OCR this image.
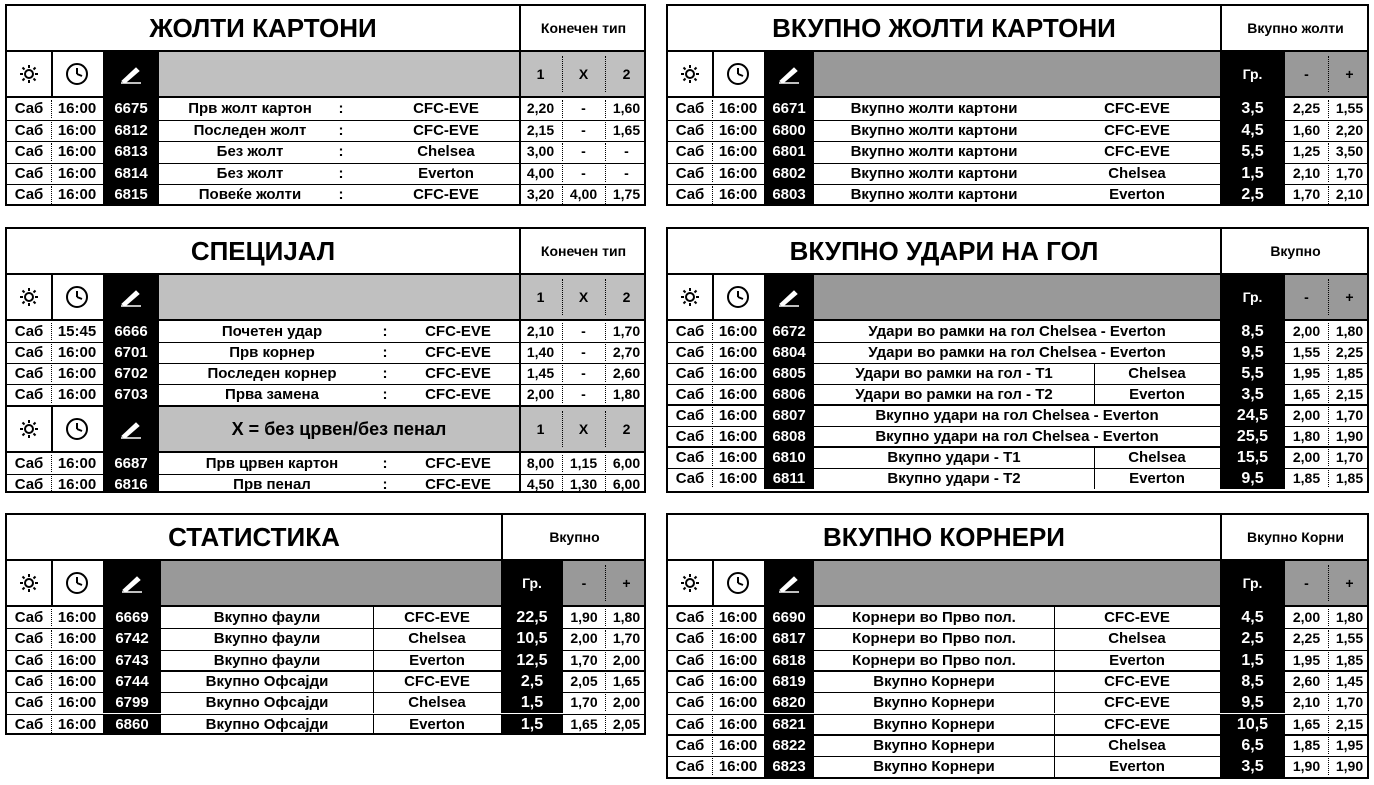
ЖОЛТИ КАРТОНИ	Конечен тип
1	X	2
Саб 16:00	6675	Прв жолт картон	:	CFC-EVE	2,20	-	1,60
Саб 16:00	6812	Последен жолт	:	CFC-EVE	2,15	-	1,65
Саб 16:00	6813	Без жолт	:	Chelsea	3,00	-	-
Саб 16:00	6814	Без жолт	:	Everton	4,00	-	-
Саб 16:00	6815	Повеќе жолти	:	CFC-EVE	3,20	4,00	1,75
ВКУПНО ЖОЛТИ КАРТОНИ	Вкупно жолти
Гр.	-	+
Саб 16:00	6671	Вкупно жолти картони	CFC-EVE	3,5	2,25	1,55
Саб 16:00	6800	Вкупно жолти картони	CFC-EVE	4,5	1,60	2,20
Саб 16:00	6801	Вкупно жолти картони	CFC-EVE	5,5	1,25	3,50
Саб 16:00	6802	Вкупно жолти картони	Chelsea	1,5	2,10	1,70
Саб 16:00	6803	Вкупно жолти картони	Everton	2,5	1,70	2,10
СПЕЦИЈАЛ	Конечен тип
1	X	2
Саб 15:45	6666	Почетен удар	:	CFC-EVE	2,10	-	1,70
Саб 16:00	6701	Прв корнер	:	CFC-EVE	1,40	-	2,70
Саб 16:00	6702	Последен корнер	:	CFC-EVE	1,45	-	2,60
Саб 16:00	6703	Прва замена	:	CFC-EVE	2,00	-	1,80
X = без црвен/без пенал	1	X	2
Саб 16:00	6687	Прв црвен картон	:	CFC-EVE	8,00	1,15	6,00
Саб 16:00	6816	Прв пенал	:	CFC-EVE	4,50	1,30	6,00
ВКУПНО УДАРИ НА ГОЛ	Вкупно
Гр.	-	+
Саб 16:00	6672	Удари во рамки на гол Chelsea - Everton	8,5	2,00	1,80
Саб 16:00	6804	Удари во рамки на гол Chelsea - Everton	9,5	1,55	2,25
Саб 16:00	6805	Удари во рамки на гол - Т1	Chelsea	5,5	1,95	1,85
Саб 16:00	6806	Удари во рамки на гол - Т2	Everton	3,5	1,65	2,15
Саб 16:00	6807	Вкупно удари на гол Chelsea - Everton	24,5	2,00	1,70
Саб 16:00	6808	Вкупно удари на гол Chelsea - Everton	25,5	1,80	1,90
Саб 16:00	6810	Вкупно удари - Т1	Chelsea	15,5	2,00	1,70
Саб 16:00	6811	Вкупно удари - Т2	Everton	9,5	1,85	1,85
СТАТИСТИКА	Вкупно
Гр.	-	+
Саб 16:00	6669	Вкупно фаули	CFC-EVE	22,5	1,90	1,80
Саб 16:00	6742	Вкупно фаули	Chelsea	10,5	2,00	1,70
Саб 16:00	6743	Вкупно фаули	Everton	12,5	1,70	2,00
Саб 16:00	6744	Вкупно Офсајди	CFC-EVE	2,5	2,05	1,65
Саб 16:00	6799	Вкупно Офсајди	Chelsea	1,5	1,70	2,00
Саб 16:00	6860	Вкупно Офсајди	Everton	1,5	1,65	2,05
ВКУПНО КОРНЕРИ	Вкупно Корни
Гр.	-	+
Саб 16:00	6690	Корнери во Прво пол.	CFC-EVE	4,5	2,00	1,80
Саб 16:00	6817	Корнери во Прво пол.	Chelsea	2,5	2,25	1,55
Саб 16:00	6818	Корнери во Прво пол.	Everton	1,5	1,95	1,85
Саб 16:00	6819	Вкупно Корнери	CFC-EVE	8,5	2,60	1,45
Саб 16:00	6820	Вкупно Корнери	CFC-EVE	9,5	2,10	1,70
Саб 16:00	6821	Вкупно Корнери	CFC-EVE	10,5	1,65	2,15
Саб 16:00	6822	Вкупно Корнери	Chelsea	6,5	1,85	1,95
Саб 16:00	6823	Вкупно Корнери	Everton	3,5	1,90	1,90
